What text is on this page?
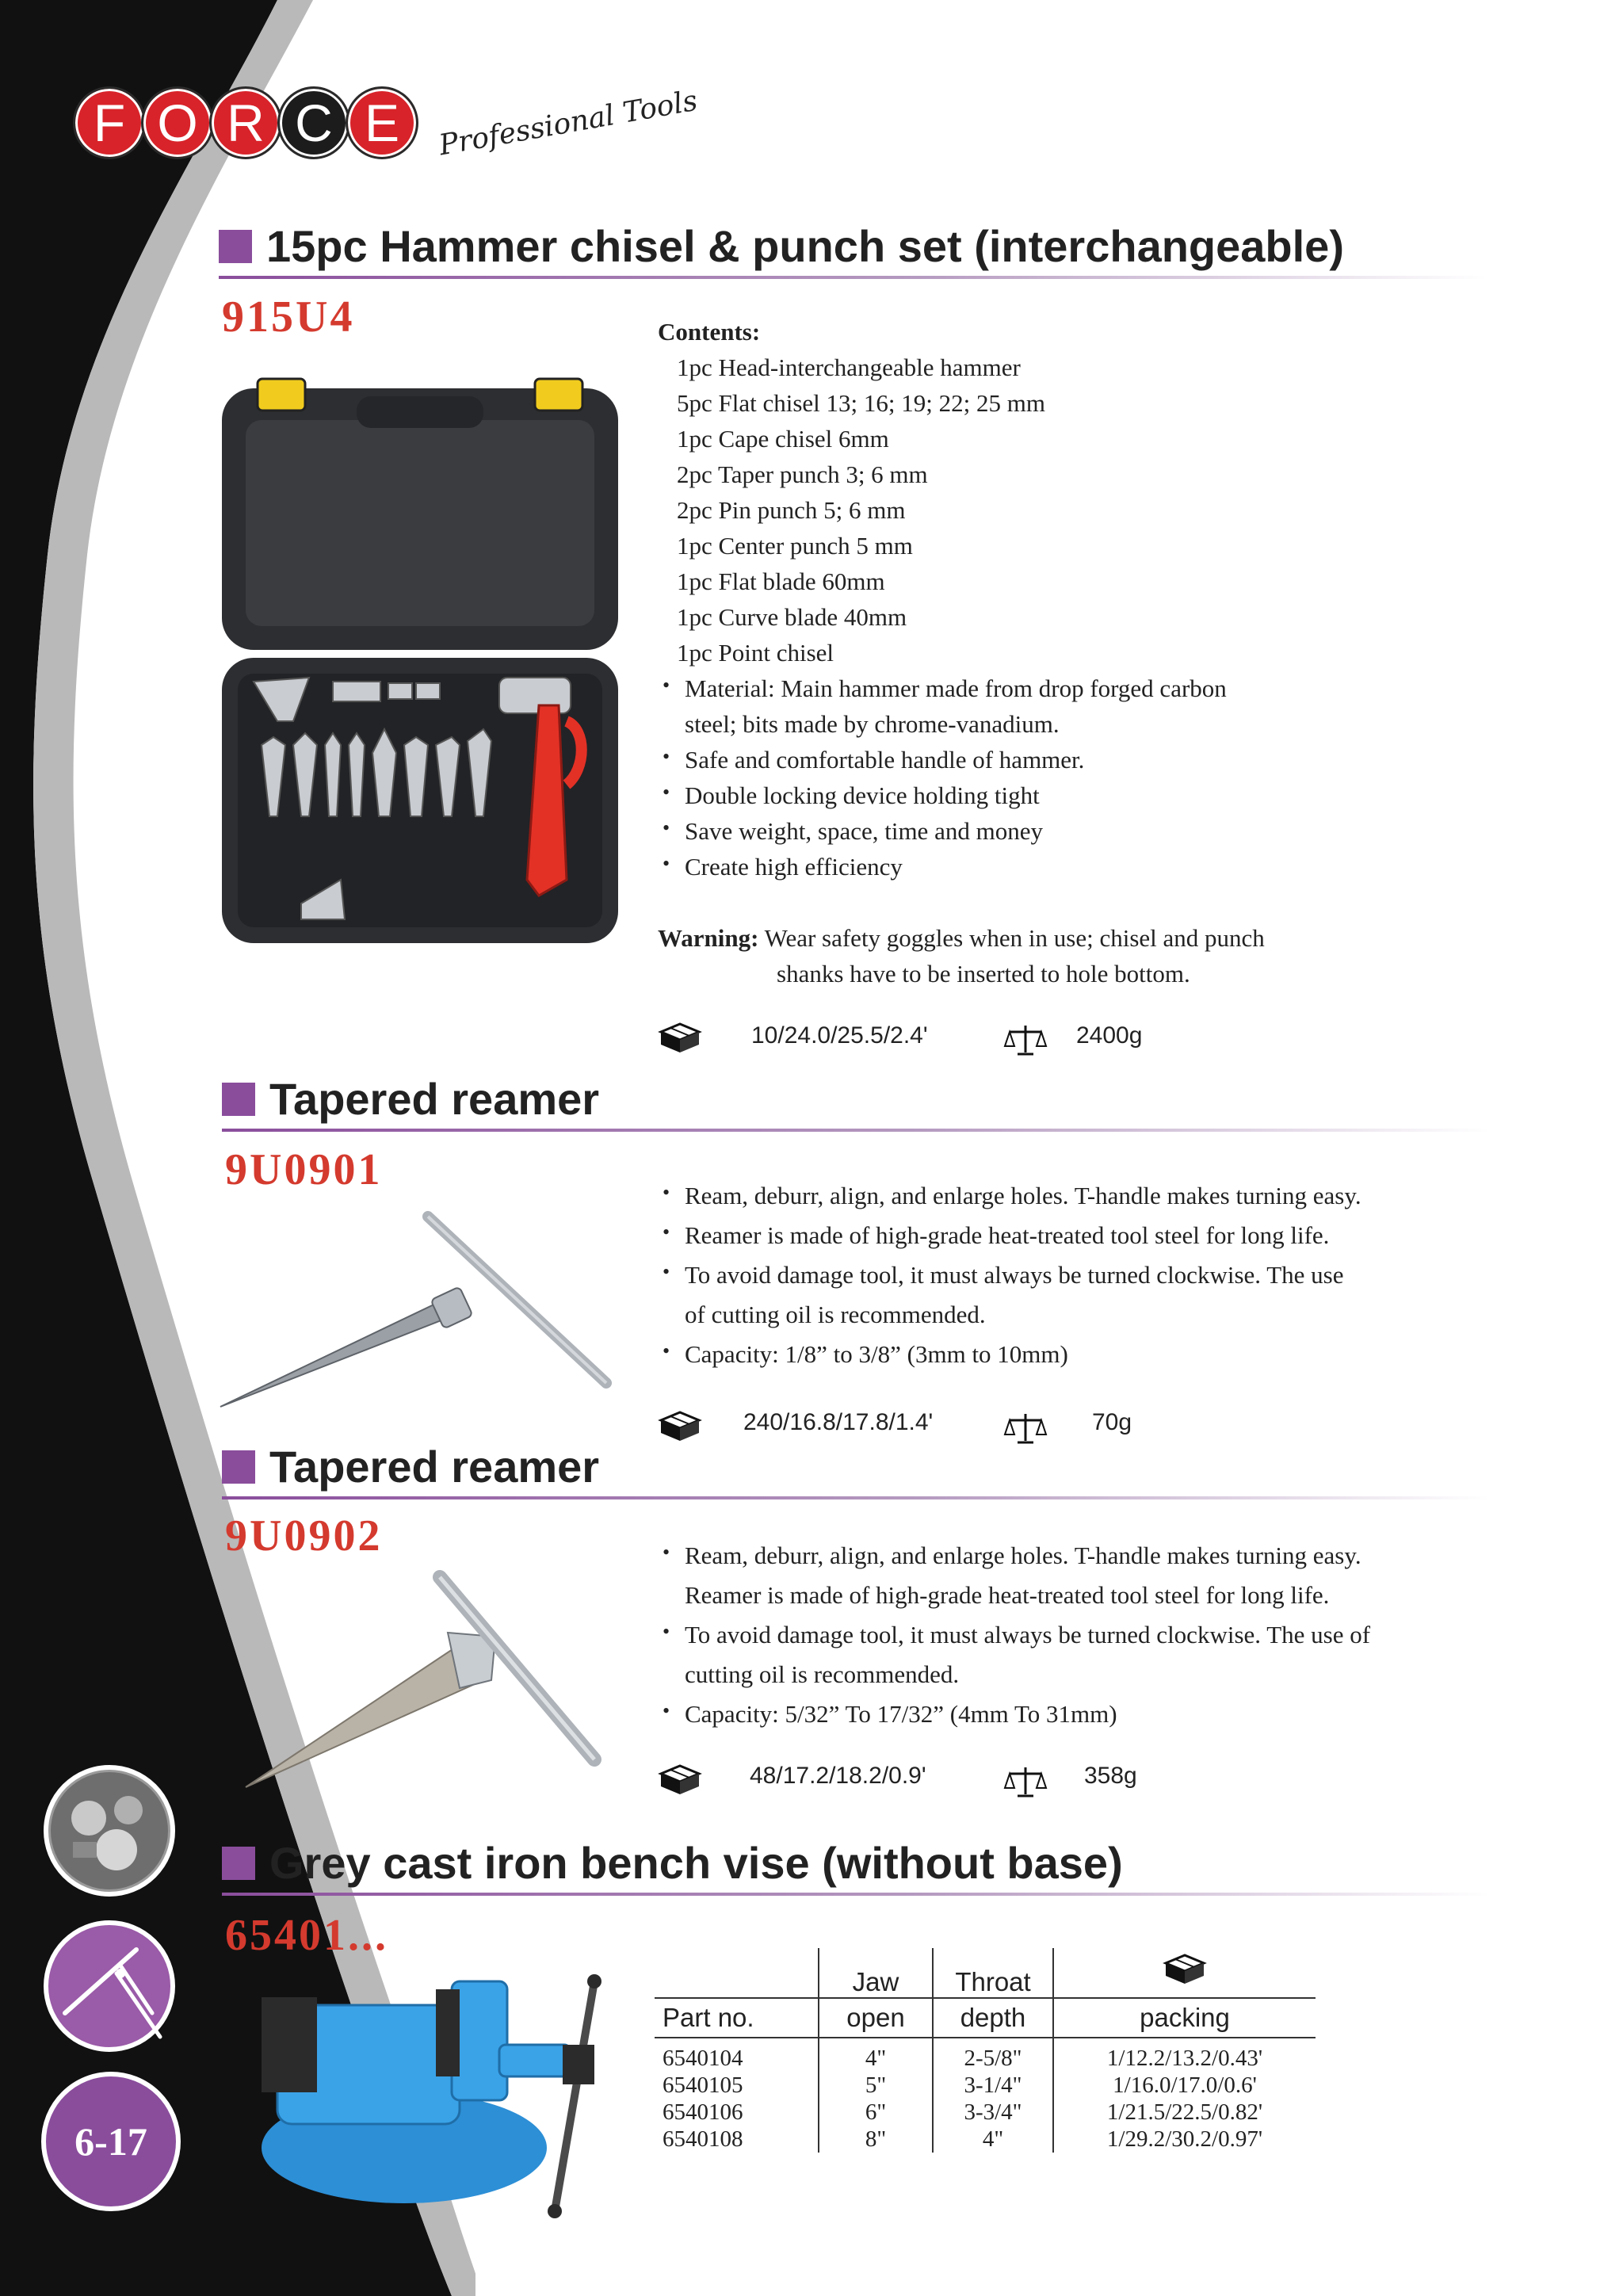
F O R C E	Professional Tools
15pc Hammer chisel & punch set (interchangeable)
915U4	Contents:
1pc Head-interchangeable hammer
5pc Flat chisel 13; 16; 19; 22; 25 mm
1pc Cape chisel 6mm
2pc Taper punch 3; 6 mm
2pc Pin punch 5; 6 mm
1pc Center punch 5 mm
1pc Flat blade 60mm
1pc Curve blade 40mm
1pc Point chisel
• Material: Main hammer made from drop forged carbon
steel; bits made by chrome-vanadium.
• Safe and comfortable handle of hammer.
• Double locking device holding tight
• Save weight, space, time and money
• Create high efficiency
Warning: Wear safety goggles when in use; chisel and punch
shanks have to be inserted to hole bottom.
10/24.0/25.5/2.4'	2400g
Tapered reamer
9U0901
• Ream, deburr, align, and enlarge holes. T-handle makes turning easy.
• Reamer is made of high-grade heat-treated tool steel for long life.
• To avoid damage tool, it must always be turned clockwise. The use
of cutting oil is recommended.
• Capacity: 1/8” to 3/8” (3mm to 10mm)
240/16.8/17.8/1.4'	70g
Tapered reamer
9U0902	• Ream, deburr, align, and enlarge holes. T-handle makes turning easy.
Reamer is made of high-grade heat-treated tool steel for long life.
• To avoid damage tool, it must always be turned clockwise. The use of
cutting oil is recommended.
• Capacity: 5/32” To 17/32” (4mm To 31mm)
48/17.2/18.2/0.9'	358g
Grey cast iron bench vise (without base)
65401...
	Jaw	Throat	
Part no.	open	depth	packing
6540104	4"	2-5/8"	1/12.2/13.2/0.43'
6540105	5"	3-1/4"	1/16.0/17.0/0.6'
6540106	6"	3-3/4"	1/21.5/22.5/0.82'
6540108	8"	4"	1/29.2/30.2/0.97'
6-17
